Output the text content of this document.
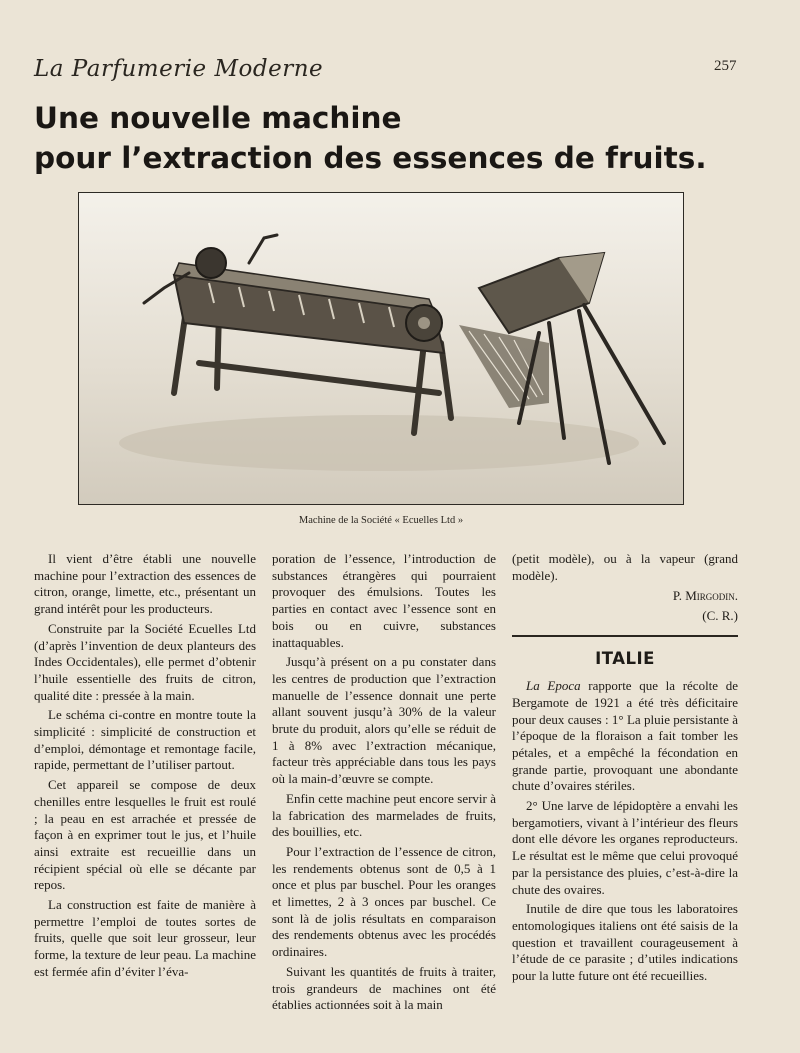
La Parfumerie Moderne	257
Une nouvelle machine
pour l’extraction des essences de fruits.
Machine de la Société « Ecuelles Ltd »

Il vient d’être établi une nouvelle machine pour l’extraction des essences de citron, orange, limette, etc., présentant un grand intérêt pour les producteurs.

Construite par la Société Ecuelles Ltd (d’après l’invention de deux planteurs des Indes Occidentales), elle permet d’obtenir l’huile essentielle des fruits de citron, qualité dite : pressée à la main.

Le schéma ci-contre en montre toute la simplicité : simplicité de construction et d’emploi, démontage et remontage facile, rapide, permettant de l’utiliser partout.

Cet appareil se compose de deux chenilles entre lesquelles le fruit est roulé ; la peau en est arrachée et pressée de façon à en exprimer tout le jus, et l’huile ainsi extraite est recueillie dans un récipient spécial où elle se décante par repos.

La construction est faite de manière à permettre l’emploi de toutes sortes de fruits, quelle que soit leur grosseur, leur forme, la texture de leur peau. La machine est fermée afin d’éviter l’éva-

poration de l’essence, l’introduction de substances étrangères qui pourraient provoquer des émulsions. Toutes les parties en contact avec l’essence sont en bois ou en cuivre, substances inattaquables.

Jusqu’à présent on a pu constater dans les centres de production que l’extraction manuelle de l’essence donnait une perte allant souvent jusqu’à 30% de la valeur brute du produit, alors qu’elle se réduit de 1 à 8% avec l’extraction mécanique, facteur très appréciable dans tous les pays où la main-d’œuvre se compte.

Enfin cette machine peut encore servir à la fabrication des marmelades de fruits, des bouillies, etc.

Pour l’extraction de l’essence de citron, les rendements obtenus sont de 0,5 à 1 once et plus par buschel. Pour les oranges et limettes, 2 à 3 onces par buschel. Ce sont là de jolis résultats en comparaison des rendements obtenus avec les procédés ordinaires.

Suivant les quantités de fruits à traiter, trois grandeurs de machines ont été établies actionnées soit à la main

(petit modèle), ou à la vapeur (grand modèle).

P. Mirgodin.

(C. R.)

ITALIE

La Epoca rapporte que la récolte de Bergamote de 1921 a été très déficitaire pour deux causes : 1° La pluie persistante à l’époque de la floraison a fait tomber les pétales, et a empêché la fécondation en grande partie, provoquant une abondante chute d’ovaires stériles.

2° Une larve de lépidoptère a envahi les bergamotiers, vivant à l’intérieur des fleurs dont elle dévore les organes reproducteurs. Le résultat est le même que celui provoqué par la persistance des pluies, c’est-à-dire la chute des ovaires.

Inutile de dire que tous les laboratoires entomologiques italiens ont été saisis de la question et travaillent courageusement à l’étude de ce parasite ; d’utiles indications pour la lutte future ont été recueillies.
